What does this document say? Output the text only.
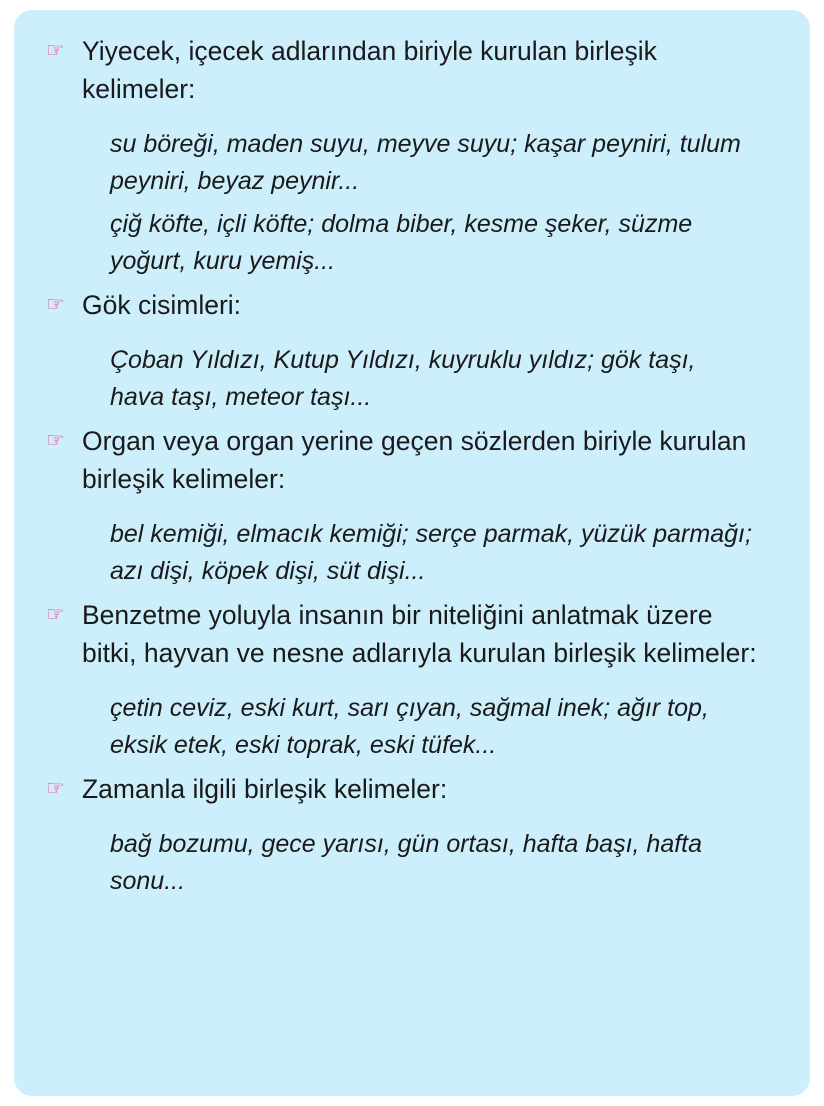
☞ Yiyecek, içecek adlarından biriyle kurulan birleşik kelimeler:
su böreği, maden suyu, meyve suyu; kaşar peyniri, tulum peyniri, beyaz peynir...
çiğ köfte, içli köfte; dolma biber, kesme şeker, süzme yoğurt, kuru yemiş...
☞ Gök cisimleri:
Çoban Yıldızı, Kutup Yıldızı, kuyruklu yıldız; gök taşı, hava taşı, meteor taşı...
☞ Organ veya organ yerine geçen sözlerden biriyle kurulan birleşik kelimeler:
bel kemiği, elmacık kemiği; serçe parmak, yüzük parmağı; azı dişi, köpek dişi, süt dişi...
☞ Benzetme yoluyla insanın bir niteliğini anlatmak üzere bitki, hayvan ve nesne adlarıyla kurulan birleşik kelimeler:
çetin ceviz, eski kurt, sarı çıyan, sağmal inek; ağır top, eksik etek, eski toprak, eski tüfek...
☞ Zamanla ilgili birleşik kelimeler:
bağ bozumu, gece yarısı, gün ortası, hafta başı, hafta sonu...
